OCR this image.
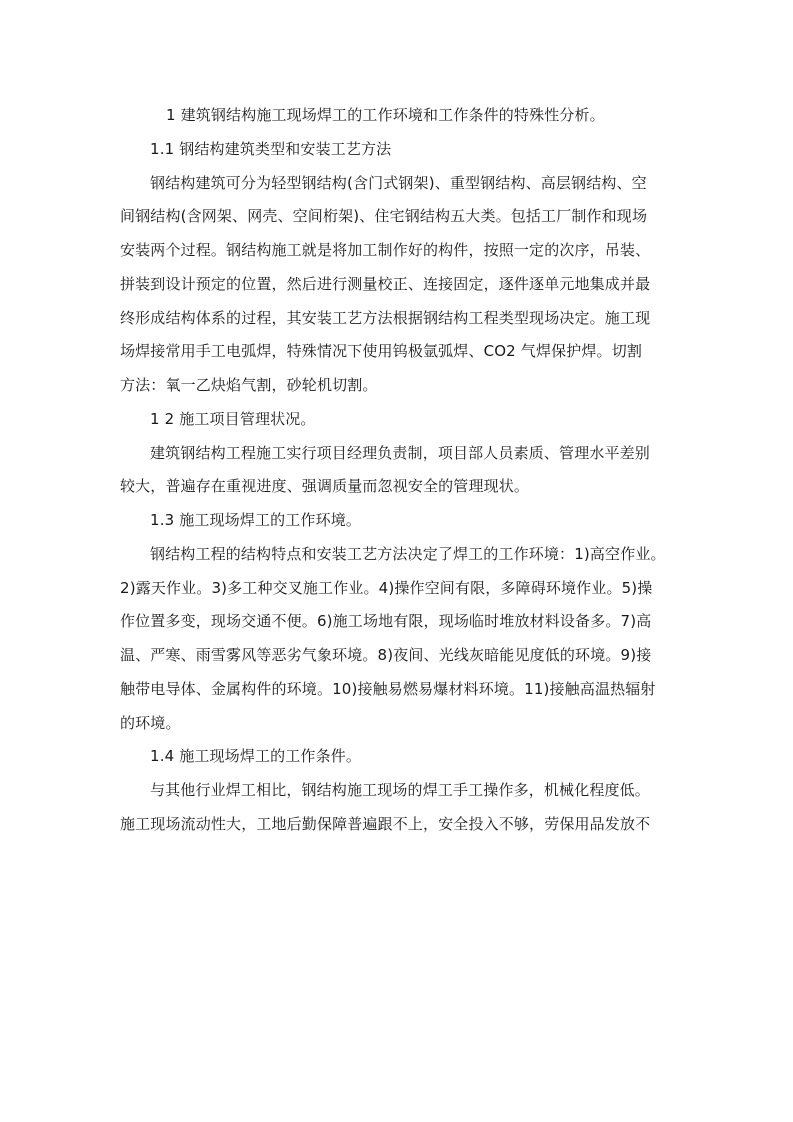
1 建筑钢结构施工现场焊工的工作环境和工作条件的特殊性分析。
1.1 钢结构建筑类型和安装工艺方法
钢结构建筑可分为轻型钢结构(含门式钢架)、重型钢结构、高层钢结构、空
间钢结构(含网架、网壳、空间桁架)、住宅钢结构五大类。包括工厂制作和现场
安装两个过程。钢结构施工就是将加工制作好的构件，按照一定的次序，吊装、
拼装到设计预定的位置，然后进行测量校正、连接固定，逐件逐单元地集成并最
终形成结构体系的过程，其安装工艺方法根据钢结构工程类型现场决定。施工现
场焊接常用手工电弧焊，特殊情况下使用钨极氩弧焊、CO2 气焊保护焊。切割
方法：氧一乙炔焰气割，砂轮机切割。
1 2 施工项目管理状况。
建筑钢结构工程施工实行项目经理负责制，项目部人员素质、管理水平差别
较大，普遍存在重视进度、强调质量而忽视安全的管理现状。
1.3 施工现场焊工的工作环境。
钢结构工程的结构特点和安装工艺方法决定了焊工的工作环境：1)高空作业。
2)露天作业。3)多工种交叉施工作业。4)操作空间有限，多障碍环境作业。5)操
作位置多变，现场交通不便。6)施工场地有限，现场临时堆放材料设备多。7)高
温、严寒、雨雪雾风等恶劣气象环境。8)夜间、光线灰暗能见度低的环境。9)接
触带电导体、金属构件的环境。10)接触易燃易爆材料环境。11)接触高温热辐射
的环境。
1.4 施工现场焊工的工作条件。
与其他行业焊工相比，钢结构施工现场的焊工手工操作多，机械化程度低。
施工现场流动性大，工地后勤保障普遍跟不上，安全投入不够，劳保用品发放不
